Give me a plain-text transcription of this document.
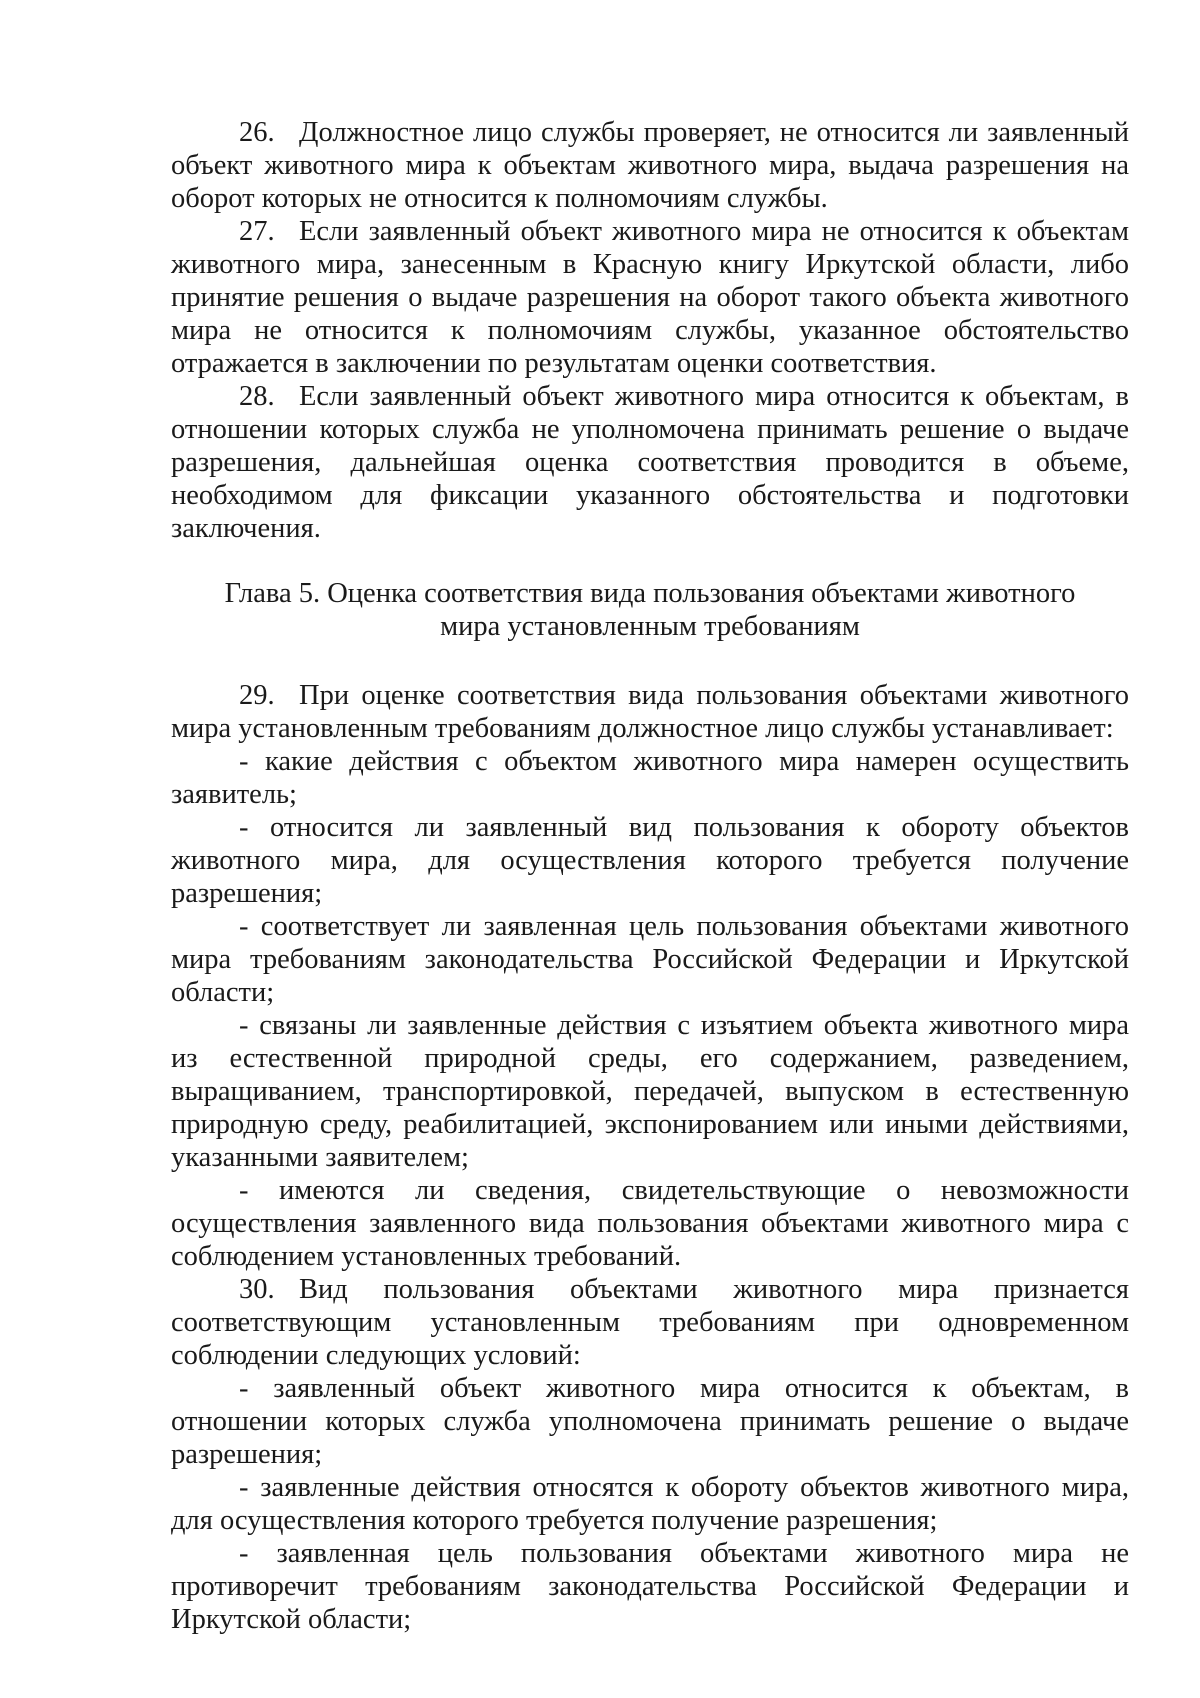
26. Должностное лицо службы проверяет, не относится ли заявленный объект животного мира к объектам животного мира, выдача разрешения на оборот которых не относится к полномочиям службы.

27. Если заявленный объект животного мира не относится к объектам животного мира, занесенным в Красную книгу Иркутской области, либо принятие решения о выдаче разрешения на оборот такого объекта животного мира не относится к полномочиям службы, указанное обстоятельство отражается в заключении по результатам оценки соответствия.

28. Если заявленный объект животного мира относится к объектам, в отношении которых служба не уполномочена принимать решение о выдаче разрешения, дальнейшая оценка соответствия проводится в объеме, необходимом для фиксации указанного обстоятельства и подготовки заключения.

Глава 5. Оценка соответствия вида пользования объектами животного
мира установленным требованиям

29. При оценке соответствия вида пользования объектами животного мира установленным требованиям должностное лицо службы устанавливает:

- какие действия с объектом животного мира намерен осуществить заявитель;

- относится ли заявленный вид пользования к обороту объектов животного мира, для осуществления которого требуется получение разрешения;

- соответствует ли заявленная цель пользования объектами животного мира требованиям законодательства Российской Федерации и Иркутской области;

- связаны ли заявленные действия с изъятием объекта животного мира из естественной природной среды, его содержанием, разведением, выращиванием, транспортировкой, передачей, выпуском в естественную природную среду, реабилитацией, экспонированием или иными действиями, указанными заявителем;

- имеются ли сведения, свидетельствующие о невозможности осуществления заявленного вида пользования объектами животного мира с соблюдением установленных требований.

30. Вид пользования объектами животного мира признается соответствующим установленным требованиям при одновременном соблюдении следующих условий:

- заявленный объект животного мира относится к объектам, в отношении которых служба уполномочена принимать решение о выдаче разрешения;

- заявленные действия относятся к обороту объектов животного мира, для осуществления которого требуется получение разрешения;

- заявленная цель пользования объектами животного мира не противоречит требованиям законодательства Российской Федерации и Иркутской области;
